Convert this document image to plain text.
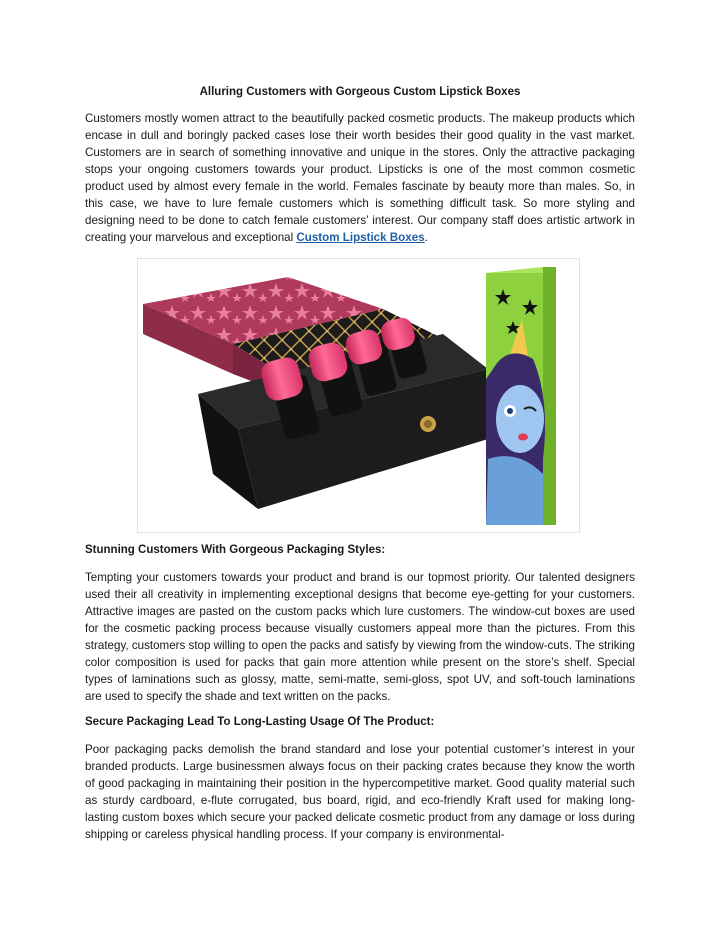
Alluring Customers with Gorgeous Custom Lipstick Boxes

Customers mostly women attract to the beautifully packed cosmetic products. The makeup products which encase in dull and boringly packed cases lose their worth besides their good quality in the vast market. Customers are in search of something innovative and unique in the stores. Only the attractive packaging stops your ongoing customers towards your product. Lipsticks is one of the most common cosmetic product used by almost every female in the world. Females fascinate by beauty more than males. So, in this case, we have to lure female customers which is something difficult task. So more styling and designing need to be done to catch female customers’ interest. Our company staff does artistic artwork in creating your marvelous and exceptional Custom Lipstick Boxes.

Stunning Customers With Gorgeous Packaging Styles:

Tempting your customers towards your product and brand is our topmost priority. Our talented designers used their all creativity in implementing exceptional designs that become eye-getting for your customers. Attractive images are pasted on the custom packs which lure customers. The window-cut boxes are used for the cosmetic packing process because visually customers appeal more than the pictures. From this strategy, customers stop willing to open the packs and satisfy by viewing from the window-cuts. The striking color composition is used for packs that gain more attention while present on the store’s shelf. Special types of laminations such as glossy, matte, semi-matte, semi-gloss, spot UV, and soft-touch laminations are used to specify the shade and text written on the packs.

Secure Packaging Lead To Long-Lasting Usage Of The Product:

Poor packaging packs demolish the brand standard and lose your potential customer’s interest in your branded products. Large businessmen always focus on their packing crates because they know the worth of good packaging in maintaining their position in the hypercompetitive market. Good quality material such as sturdy cardboard, e-flute corrugated, bus board, rigid, and eco-friendly Kraft used for making long-lasting custom boxes which secure your packed delicate cosmetic product from any damage or loss during shipping or careless physical handling process. If your company is environmental-
